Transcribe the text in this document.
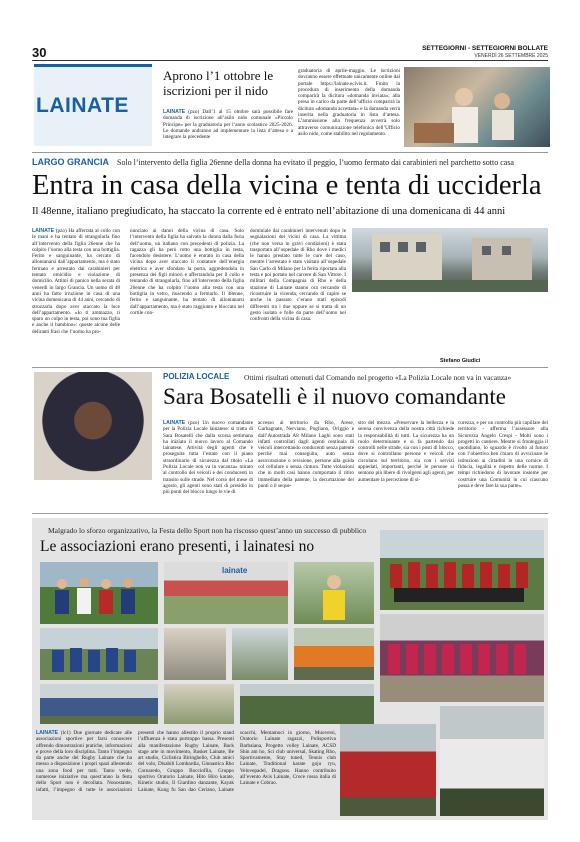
30	SETTEGIORNI - SETTEGIORNI BOLLATE
VENERDÌ 26 SETTEMBRE 2025
LAINATE
Aprono l’1 ottobre le iscrizioni per il nido
LAINATE (pzo) Dall’1 al 15 ottobre sarà possibile fare domanda di iscrizione all’asilo nido comunale «Piccolo Principe» per la graduatoria per l’anno scolastico 2025-2026. Le domande andranno ad implementare la lista d’attesa e a integrare la precedente
graduatoria di aprile-maggio. Le iscrizioni dovranno essere effettuate unicamente online dal portale https://lainate.ecivis.it. Finito la procedura di inserimento della domanda comparirà la dicitura «domanda inviata»; alla presa in carico da parte dell’ufficio comparirà la dicitura «domanda accettata» e la domanda verrà inserita nella graduatoria in lista d’attesa. L’ammissione alla frequenza avverrà solo attraverso comunicazione telefonica dell’Ufficio asilo nido, come stabilito nel regolamento.
LARGO GRANCIA Solo l’intervento della figlia 26enne della donna ha evitato il peggio, l’uomo fermato dai carabinieri nel parchetto sotto casa
Entra in casa della vicina e tenta di ucciderla
Il 48enne, italiano pregiudicato, ha staccato la corrente ed è entrato nell’abitazione di una domenicana di 44 anni
LAINATE (pzo) Ha afferrata al collo con le mani e ha tentato di strangolarla fino all’intervento della figlia 26enne che ha colpito l’uomo alla testa con una bottiglia. Ferito e sanguinante, ha cercato di allontanarsi dall’appartamento, ma è stato fermato e arrestato dai carabinieri per tentato omicidio e violazione di domicilio. Attimi di panico nella serata di venerdì in largo Grancia. Un uomo di 48 anni ha fatto irruzione in casa di una vicina domenicana di 44 anni, cercando di strozzarla dopo aver staccato la luce dell’appartamento. «Io ti ammazzo, ti sparo un colpo in testa, poi sono tua figlia e anche il bambino»: queste alcune delle deliranti frasi che l’uomo ha pro-
nunciato ai danni della vicina di casa. Solo l’intervento della figlia ha salvato la donna dalla furia dell’uomo, un italiano con precedenti di polizia. La ragazza gli ha però rotto una bottiglia in testa, facendolo desistere. L’uomo è entrato in casa della vicina dopo aver staccato il contatore dell’energia elettrica e aver sfondato la porta, aggredendola in presenza dei figli minori e afferrandola per il collo e tentando di strangolarla, fino all’intervento della figlia 26enne che ha colpito l’uomo alla testa con una bottiglia in vetro, riuscendo a fermarlo. Il 48enne, ferito e sanguinante, ha tentato di allontanarsi dall’appartamento, ma è stato raggiunto e bloccato nel cortile con-
dominiale dai carabinieri intervenuti dopo le segnalazioni dei vicini di casa. La vittima (che non versa in gravi condizioni) è stata trasportata all’ospedale di Rho dove i medici le hanno prestato tutte le cure del caso, mentre l’arrestato è stato visitato all’ospedale San Carlo di Milano per la ferita riportata alla testa e poi portato nel carcere di San Vittore. I militari della Compagnia di Rho e della stazione di Lainate stanno ora cercando di ricostruire la vicenda, cercando di capire se anche in passato c’erano stati episodi differenti tra i due oppure se si tratta di un gesto isolato e folle da parte dell’uomo nei confronti della vicina di casa.
Stefano Giudici
POLIZIA LOCALE Ottimi risultati ottenuti dal Comando nel progetto «La Polizia Locale non va in vacanza»
Sara Bosatelli è il nuovo comandante
LAINATE (pzo) Un nuovo comandante per la Polizia Locale lainatese: si tratta di Sara Bosatelli che dalla scorsa settimana ha iniziato il nuovo lavoro al Comando lainatese. Attività degli agenti che è proseguita tutta l’estate con il piano straordinario di sicurezza dal titolo «La Polizia Locale non va in vacanza» mirato al controllo dei veicoli e dei conducenti in transito sulle strade. Nel corso del mese di agosto, gli agenti sono stati di presidio in più punti del blocco lungo le vie di
accesso al territorio da Rho, Arese, Garbagnate, Nerviano, Pogliano, Origgio e dall’Autostrada A8 Milano Laghi sono stati infatti controllati dagli agenti centinaia di veicoli intercettando conducenti senza patente perché mai conseguita, auto senza assicurazione o revisione, persone alla guida col cellulare o senza cintura. Tutte violazioni che in molti casi hanno comportato il ritiro immediato della patente, la decurtazione dei punti o il seque-
stro del mezzo. «Preservare la bellezza e la serena convivenza della nostra città richiede la responsabilità di tutti. La sicurezza ha un ruolo determinante e si fa partendo dai controlli nelle strade, sia con i posti di blocco, dove si controllano persone e veicoli che circolano sul territorio, sia con i servizi appiedati, importanti, perché le persone si sentono più libere di rivolgersi agli agenti, per aumentare la percezione di si-
curezza, e per un controllo più capillare del territorio - afferma l’assessore alla Sicurezza Angelo Crespi - Molti sono i progetti in cantiere. Mentre si fronteggia il quotidiano, lo sguardo è rivolto al futuro con l’obiettivo ben chiaro di avvicinare le istituzioni ai cittadini in una cornice di fiducia, legalità e rispetto delle norme. I tempi richiedono di lavorare insieme per costruire una Comunità in cui ciascuno possa e deve fare la sua parte».
Malgrado lo sforzo organizzativo, la Festa dello Sport non ha riscosso quest’anno un successo di pubblico
Le associazioni erano presenti, i lainatesi no
lainate
LAINATE (lc1) Due giornate dedicate alle associazioni sportive per farsi conoscere offrendo dimostrazioni pratiche, informazioni e prove della loro disciplina. Tanto l’impegno da parte anche del Rugby Lainate che ha messo a disposizione i propri spazi allestendo una zona food per tutti. Tanto verde, numerose iniziative ma quest’anno la festa dello Sport non è decollata. Nonostante, infatti, l’impegno di tutte le associazioni presenti che hanno allestito il proprio stand l’affluenza è stata purtroppo bassa. Presenti alla manifestazione Rugby Lainate, Back stage arte in movimento, Basket Lainate, Be art studio, Ciclistica Biringhello, Club amici del volo, Disabili Lombardia, Ginnastica Rho Cornaredo, Gruppo Bocciofila, Gruppo sportivo Oratorio Lainate, Hito Hiro karate, Kinetic studio, Il Giardino danzante, Kayak Lainate, Kung fu San dao Ceriano, Lainate scacchi, Mentamoci in giorno, Muoversi, Oratorio Lainate ragazzi, Polisportiva Barbaiana, Progetto volley Lainate, ACSD Shin am ho, Sci club universal, Skating Rho, Sportivamente, Stay tuned, Tennis club Lainate, Traditional karate goju ryu, Velovepadel, Dragons. Hanno contribuito all’evento Avis Lainate, Croce rossa italia di Lainate e Cobrao.
